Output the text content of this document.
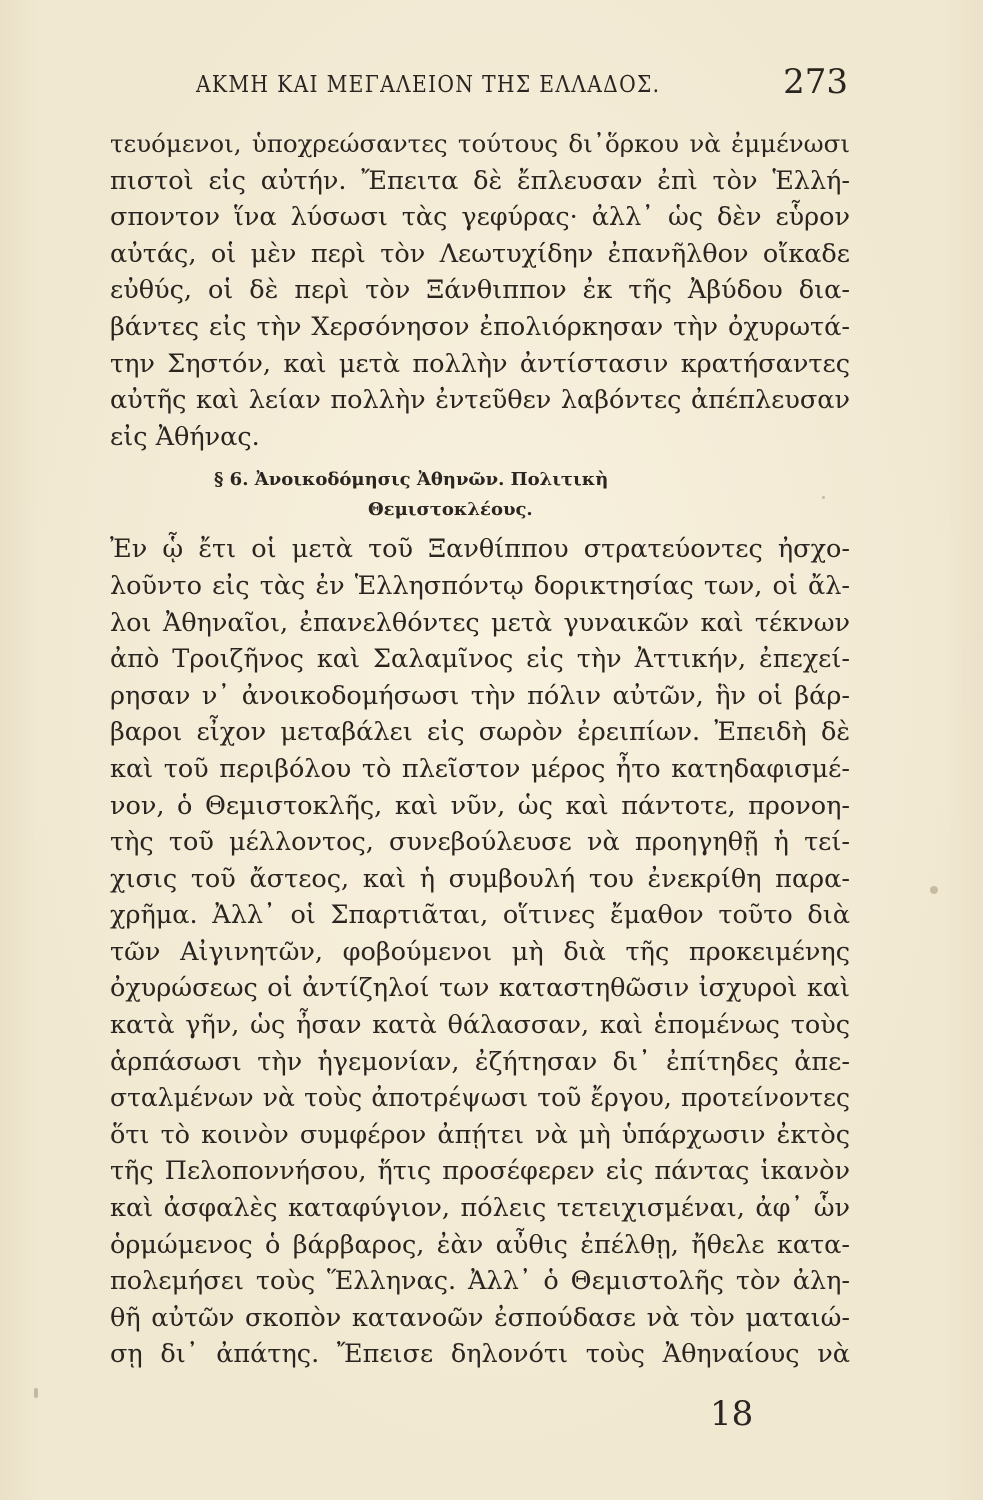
ΑΚΜΗ ΚΑΙ ΜΕΓΑΛΕΙΟΝ ΤΗΣ ΕΛΛΑΔΟΣ.	273
τευόμενοι, ὑποχρεώσαντες τούτους δι᾿ὅρκου νὰ ἐμμένωσι
πιστοὶ εἰς αὐτήν. Ἔπειτα δὲ ἔπλευσαν ἐπὶ τὸν Ἑλλή-
σποντον ἵνα λύσωσι τὰς γεφύρας· ἀλλ᾿ ὡς δὲν εὗρον
αὐτάς, οἱ μὲν περὶ τὸν Λεωτυχίδην ἐπανῆλθον οἴκαδε
εὐθύς, οἱ δὲ περὶ τὸν Ξάνθιππον ἐκ τῆς Ἀβύδου δια-
βάντες εἰς τὴν Χερσόνησον ἐπολιόρκησαν τὴν ὀχυρωτά-
την Σηστόν, καὶ μετὰ πολλὴν ἀντίστασιν κρατήσαντες
αὐτῆς καὶ λείαν πολλὴν ἐντεῦθεν λαβόντες ἀπέπλευσαν
εἰς Ἀθήνας.
§ 6. Ἀνοικοδόμησις Ἀθηνῶν. Πολιτικὴ
Θεμιστοκλέους.
Ἐν ᾧ ἔτι οἱ μετὰ τοῦ Ξανθίππου στρατεύοντες ἠσχο-
λοῦντο εἰς τὰς ἐν Ἑλλησπόντῳ δορικτησίας των, οἱ ἄλ-
λοι Ἀθηναῖοι, ἐπανελθόντες μετὰ γυναικῶν καὶ τέκνων
ἀπὸ Τροιζῆνος καὶ Σαλαμῖνος εἰς τὴν Ἀττικήν, ἐπεχεί-
ρησαν ν᾿ ἀνοικοδομήσωσι τὴν πόλιν αὐτῶν, ἣν οἱ βάρ-
βαροι εἶχον μεταβάλει εἰς σωρὸν ἐρειπίων. Ἐπειδὴ δὲ
καὶ τοῦ περιβόλου τὸ πλεῖστον μέρος ἦτο κατηδαφισμέ-
νον, ὁ Θεμιστοκλῆς, καὶ νῦν, ὡς καὶ πάντοτε, προνοη-
τὴς τοῦ μέλλοντος, συνεβούλευσε νὰ προηγηθῇ ἡ τεί-
χισις τοῦ ἄστεος, καὶ ἡ συμβουλή του ἐνεκρίθη παρα-
χρῆμα. Ἀλλ᾿ οἱ Σπαρτιᾶται, οἵτινες ἔμαθον τοῦτο διὰ
τῶν Αἰγινητῶν, φοβούμενοι μὴ διὰ τῆς προκειμένης
ὀχυρώσεως οἱ ἀντίζηλοί των καταστηθῶσιν ἰσχυροὶ καὶ
κατὰ γῆν, ὡς ἦσαν κατὰ θάλασσαν, καὶ ἑπομένως τοὺς
ἁρπάσωσι τὴν ἡγεμονίαν, ἐζήτησαν δι᾿ ἐπίτηδες ἀπε-
σταλμένων νὰ τοὺς ἀποτρέψωσι τοῦ ἔργου, προτείνοντες
ὅτι τὸ κοινὸν συμφέρον ἀπῄτει νὰ μὴ ὑπάρχωσιν ἐκτὸς
τῆς Πελοποννήσου, ἥτις προσέφερεν εἰς πάντας ἱκανὸν
καὶ ἀσφαλὲς καταφύγιον, πόλεις τετειχισμέναι, ἀφ᾿ ὧν
ὁρμώμενος ὁ βάρβαρος, ἐὰν αὖθις ἐπέλθῃ, ἤθελε κατα-
πολεμήσει τοὺς Ἕλληνας. Ἀλλ᾿ ὁ Θεμιστολῆς τὸν ἀλη-
θῆ αὐτῶν σκοπὸν κατανοῶν ἐσπούδασε νὰ τὸν ματαιώ-
σῃ δι᾿ ἀπάτης. Ἔπεισε δηλονότι τοὺς Ἀθηναίους νὰ
18
